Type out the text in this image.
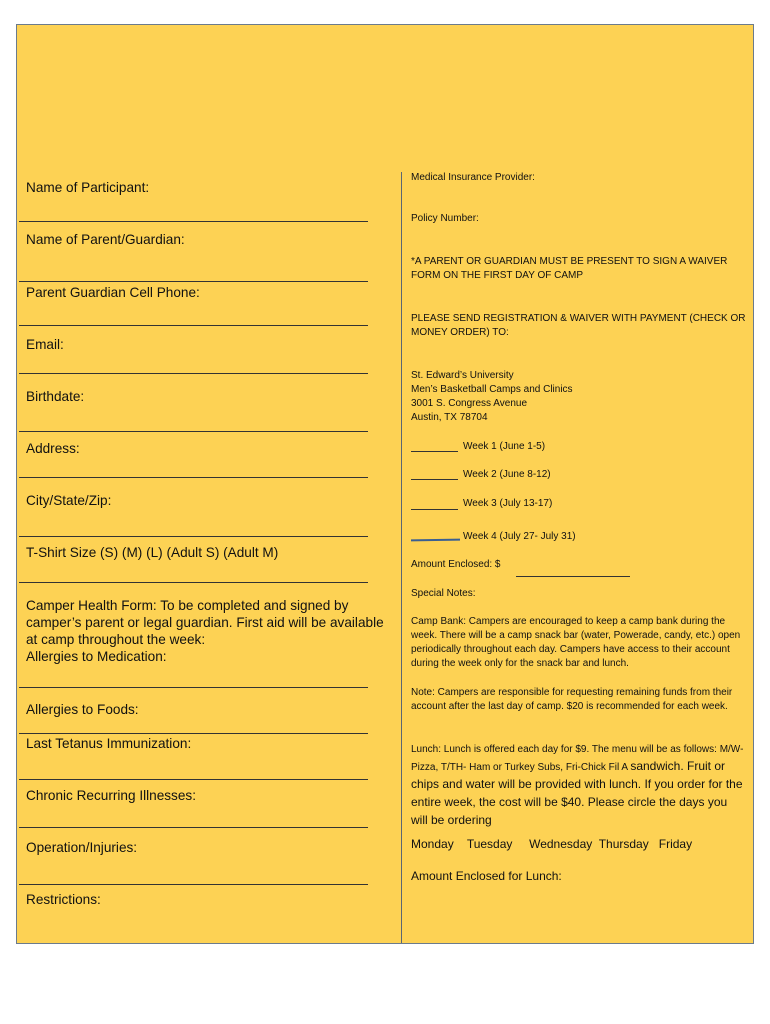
Name of Participant:
Name of Parent/Guardian:
Parent Guardian Cell Phone:
Email:
Birthdate:
Address:
City/State/Zip:
T-Shirt Size (S) (M) (L) (Adult S) (Adult M)
Camper Health Form: To be completed and signed by camper’s parent or legal guardian. First aid will be available at camp throughout the week:
Allergies to Medication:
Allergies to Foods:
Last Tetanus Immunization:
Chronic Recurring Illnesses:
Operation/Injuries:
Restrictions:
Medical Insurance Provider:
Policy Number:
*A PARENT OR GUARDIAN MUST BE PRESENT TO SIGN A WAIVER FORM ON THE FIRST DAY OF CAMP
PLEASE SEND REGISTRATION & WAIVER WITH PAYMENT (CHECK OR MONEY ORDER) TO:
St. Edward’s University
Men’s Basketball Camps and Clinics
3001 S. Congress Avenue
Austin, TX 78704
Week 1 (June 1-5)
Week 2 (June 8-12)
Week 3 (July 13-17)
Week 4 (July 27- July 31)
Amount Enclosed: $
Special Notes:
Camp Bank: Campers are encouraged to keep a camp bank during the week. There will be a camp snack bar (water, Powerade, candy, etc.) open periodically throughout each day. Campers have access to their account during the week only for the snack bar and lunch.
Note: Campers are responsible for requesting remaining funds from their account after the last day of camp. $20 is recommended for each week.
Lunch: Lunch is offered each day for $9. The menu will be as follows: M/W-Pizza, T/TH- Ham or Turkey Subs, Fri-Chick Fil A sandwich. Fruit or chips and water will be provided with lunch. If you order for the entire week, the cost will be $40. Please circle the days you will be ordering
Monday Tuesday Wednesday Thursday Friday
Amount Enclosed for Lunch:
